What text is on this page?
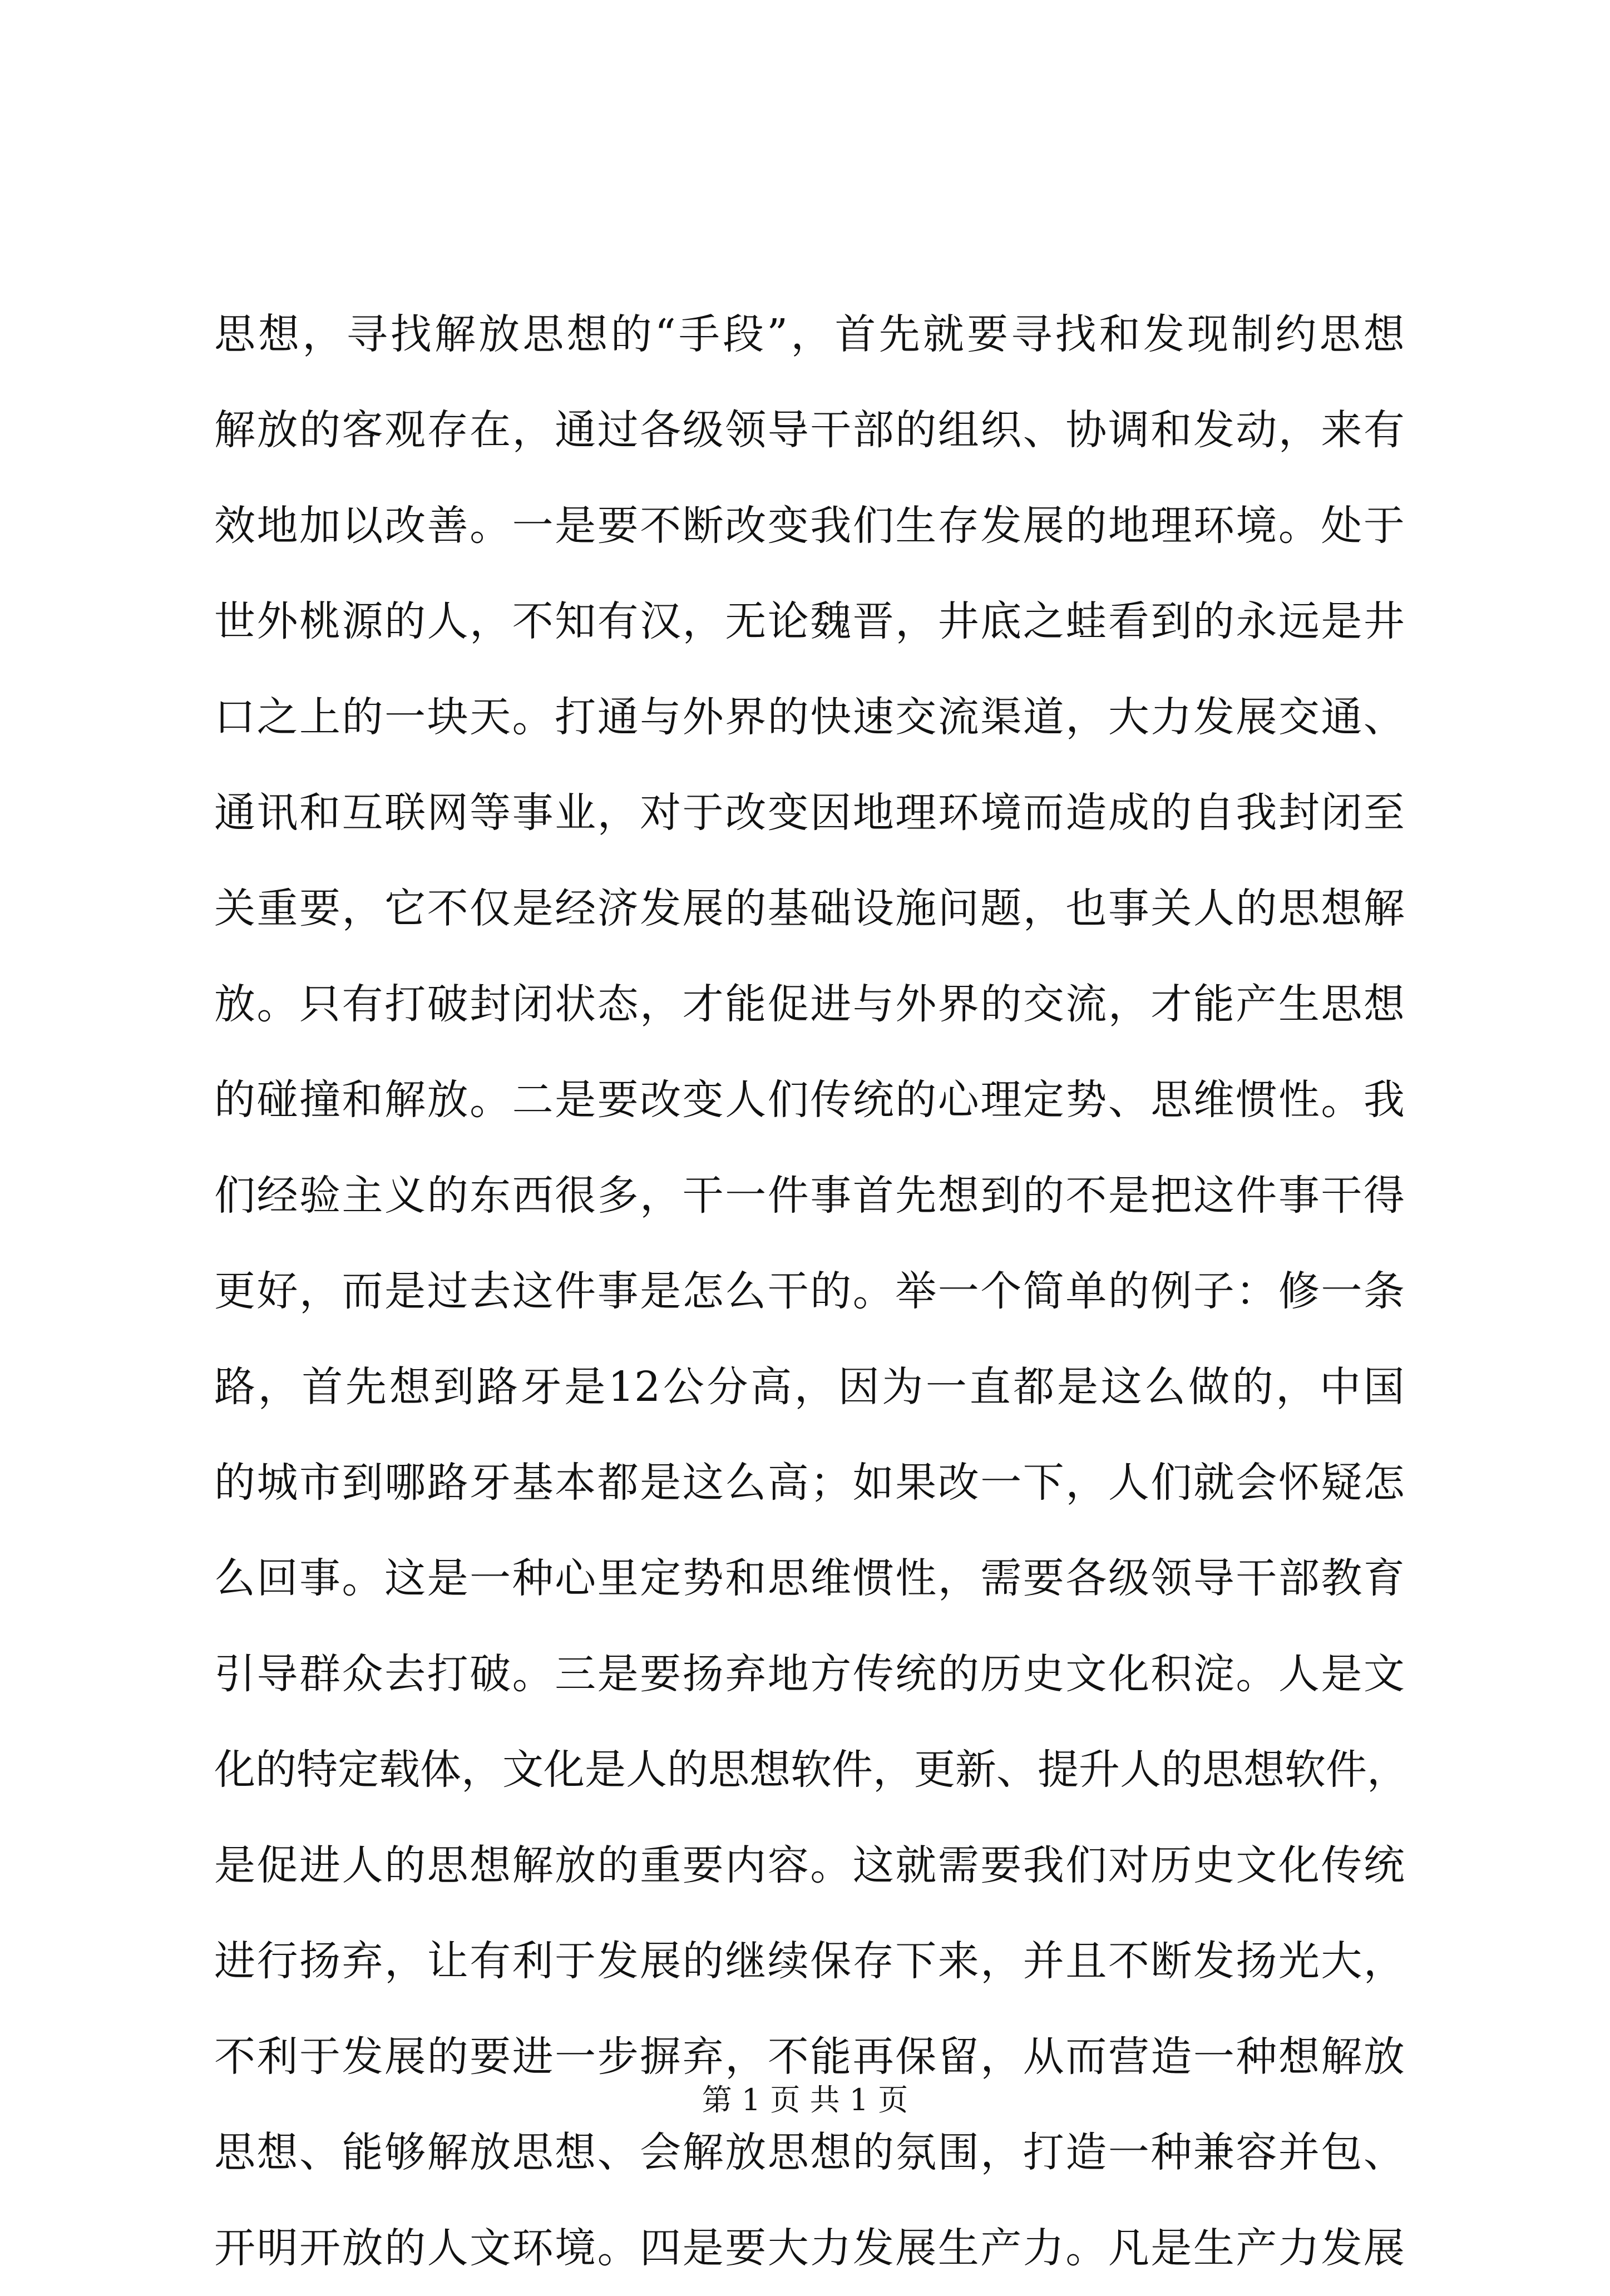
思 想 ， 寻 找 解 放 思 想 的 “ 手 段 ” ， 首 先 就 要 寻 找 和 发 现 制 约 思 想
解 放 的 客 观 存 在 ， 通 过 各 级 领 导 干 部 的 组 织 、 协 调 和 发 动 ， 来 有
效 地 加 以 改 善 。 一 是 要 不 断 改 变 我 们 生 存 发 展 的 地 理 环 境 。 处 于
世 外 桃 源 的 人 ， 不 知 有 汉 ， 无 论 魏 晋 ， 井 底 之 蛙 看 到 的 永 远 是 井
口 之 上 的 一 块 天 。 打 通 与 外 界 的 快 速 交 流 渠 道 ， 大 力 发 展 交 通 、
通 讯 和 互 联 网 等 事 业 ， 对 于 改 变 因 地 理 环 境 而 造 成 的 自 我 封 闭 至
关 重 要 ， 它 不 仅 是 经 济 发 展 的 基 础 设 施 问 题 ， 也 事 关 人 的 思 想 解
放 。 只 有 打 破 封 闭 状 态 ， 才 能 促 进 与 外 界 的 交 流 ， 才 能 产 生 思 想
的 碰 撞 和 解 放 。 二 是 要 改 变 人 们 传 统 的 心 理 定 势 、 思 维 惯 性 。 我
们 经 验 主 义 的 东 西 很 多 ， 干 一 件 事 首 先 想 到 的 不 是 把 这 件 事 干 得
更 好 ， 而 是 过 去 这 件 事 是 怎 么 干 的 。 举 一 个 简 单 的 例 子 ： 修 一 条
路 ， 首 先 想 到 路 牙 是 12 公 分 高 ， 因 为 一 直 都 是 这 么 做 的 ， 中 国
的 城 市 到 哪 路 牙 基 本 都 是 这 么 高 ； 如 果 改 一 下 ， 人 们 就 会 怀 疑 怎
么 回 事 。 这 是 一 种 心 里 定 势 和 思 维 惯 性 ， 需 要 各 级 领 导 干 部 教 育
引 导 群 众 去 打 破 。 三 是 要 扬 弃 地 方 传 统 的 历 史 文 化 积 淀 。 人 是 文
化 的 特 定 载 体 ， 文 化 是 人 的 思 想 软 件 ， 更 新 、 提 升 人 的 思 想 软 件 ，
是 促 进 人 的 思 想 解 放 的 重 要 内 容 。 这 就 需 要 我 们 对 历 史 文 化 传 统
进 行 扬 弃 ， 让 有 利 于 发 展 的 继 续 保 存 下 来 ， 并 且 不 断 发 扬 光 大 ，
不 利 于 发 展 的 要 进 一 步 摒 弃 ， 不 能 再 保 留 ， 从 而 营 造 一 种 想 解 放
思 想 、 能 够 解 放 思 想 、 会 解 放 思 想 的 氛 围 ， 打 造 一 种 兼 容 并 包 、
开 明 开 放 的 人 文 环 境 。 四 是 要 大 力 发 展 生 产 力 。 凡 是 生 产 力 发 展
第 1 页 共 1 页
